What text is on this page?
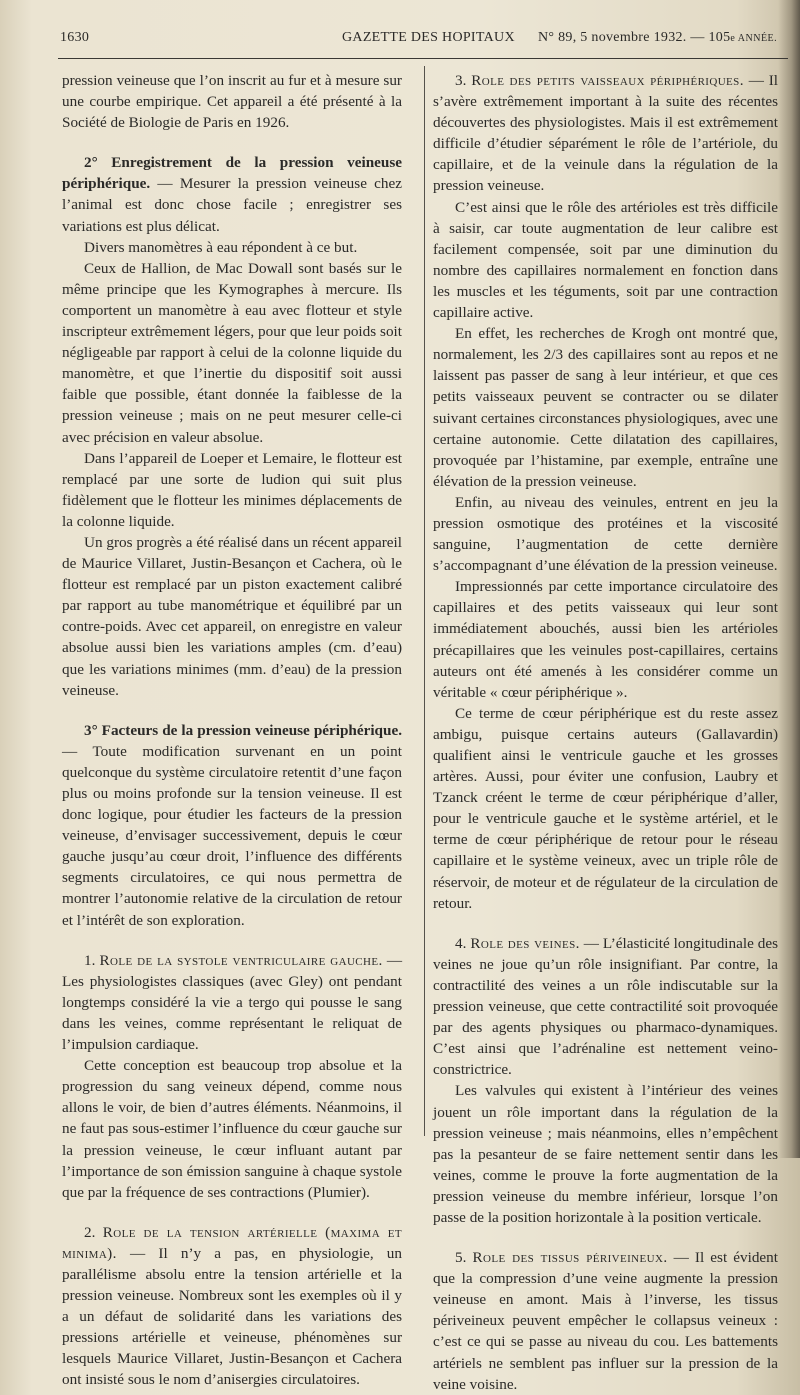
1630	GAZETTE DES HOPITAUX N° 89, 5 novembre 1932. — 105e ANNÉE.

pression veineuse que l’on inscrit au fur et à mesure sur une courbe empirique. Cet appareil a été présenté à la Société de Biologie de Paris en 1926.

2° Enregistrement de la pression veineuse périphérique. — Mesurer la pression veineuse chez l’animal est donc chose facile ; enregistrer ses variations est plus délicat.

Divers manomètres à eau répondent à ce but.

Ceux de Hallion, de Mac Dowall sont basés sur le même principe que les Kymographes à mercure. Ils comportent un manomètre à eau avec flotteur et style inscripteur extrêmement légers, pour que leur poids soit négligeable par rapport à celui de la colonne liquide du manomètre, et que l’inertie du dispositif soit aussi faible que possible, étant donnée la faiblesse de la pression veineuse ; mais on ne peut mesurer celle-ci avec précision en valeur absolue.

Dans l’appareil de Loeper et Lemaire, le flotteur est remplacé par une sorte de ludion qui suit plus fidèlement que le flotteur les minimes déplacements de la colonne liquide.

Un gros progrès a été réalisé dans un récent appareil de Maurice Villaret, Justin-Besançon et Cachera, où le flotteur est remplacé par un piston exactement calibré par rapport au tube manométrique et équilibré par un contre-poids. Avec cet appareil, on enregistre en valeur absolue aussi bien les variations amples (cm. d’eau) que les variations minimes (mm. d’eau) de la pression veineuse.

3° Facteurs de la pression veineuse périphérique. — Toute modification survenant en un point quelconque du système circulatoire retentit d’une façon plus ou moins profonde sur la tension veineuse. Il est donc logique, pour étudier les facteurs de la pression veineuse, d’envisager successivement, depuis le cœur gauche jusqu’au cœur droit, l’influence des différents segments circulatoires, ce qui nous permettra de montrer l’autonomie relative de la circulation de retour et l’intérêt de son exploration.

1. Role de la systole ventriculaire gauche. — Les physiologistes classiques (avec Gley) ont pendant longtemps considéré la vie a tergo qui pousse le sang dans les veines, comme représentant le reliquat de l’impulsion cardiaque.

Cette conception est beaucoup trop absolue et la progression du sang veineux dépend, comme nous allons le voir, de bien d’autres éléments. Néanmoins, il ne faut pas sous-estimer l’influence du cœur gauche sur la pression veineuse, le cœur influant autant par l’importance de son émission sanguine à chaque systole que par la fréquence de ses contractions (Plumier).

2. Role de la tension artérielle (maxima et minima). — Il n’y a pas, en physiologie, un parallélisme absolu entre la tension artérielle et la pression veineuse. Nombreux sont les exemples où il y a un défaut de solidarité dans les variations des pressions artérielle et veineuse, phénomènes sur lesquels Maurice Villaret, Justin-Besançon et Cachera ont insisté sous le nom d’anisergies circulatoires.

3. Role des petits vaisseaux périphériques. — Il s’avère extrêmement important à la suite des récentes découvertes des physiologistes. Mais il est extrêmement difficile d’étudier séparément le rôle de l’artériole, du capillaire, et de la veinule dans la régulation de la pression veineuse.

C’est ainsi que le rôle des artérioles est très difficile à saisir, car toute augmentation de leur calibre est facilement compensée, soit par une diminution du nombre des capillaires normalement en fonction dans les muscles et les téguments, soit par une contraction capillaire active.

En effet, les recherches de Krogh ont montré que, normalement, les 2/3 des capillaires sont au repos et ne laissent pas passer de sang à leur intérieur, et que ces petits vaisseaux peuvent se contracter ou se dilater suivant certaines circonstances physiologiques, avec une certaine autonomie. Cette dilatation des capillaires, provoquée par l’histamine, par exemple, entraîne une élévation de la pression veineuse.

Enfin, au niveau des veinules, entrent en jeu la pression osmotique des protéines et la viscosité sanguine, l’augmentation de cette dernière s’accompagnant d’une élévation de la pression veineuse.

Impressionnés par cette importance circulatoire des capillaires et des petits vaisseaux qui leur sont immédiatement abouchés, aussi bien les artérioles précapillaires que les veinules post-capillaires, certains auteurs ont été amenés à les considérer comme un véritable « cœur périphérique ».

Ce terme de cœur périphérique est du reste assez ambigu, puisque certains auteurs (Gallavardin) qualifient ainsi le ventricule gauche et les grosses artères. Aussi, pour éviter une confusion, Laubry et Tzanck créent le terme de cœur périphérique d’aller, pour le ventricule gauche et le système artériel, et le terme de cœur périphérique de retour pour le réseau capillaire et le système veineux, avec un triple rôle de réservoir, de moteur et de régulateur de la circulation de retour.

4. Role des veines. — L’élasticité longitudinale des veines ne joue qu’un rôle insignifiant. Par contre, la contractilité des veines a un rôle indiscutable sur la pression veineuse, que cette contractilité soit provoquée par des agents physiques ou pharmaco-dynamiques. C’est ainsi que l’adrénaline est nettement veino-constrictrice.

Les valvules qui existent à l’intérieur des veines jouent un rôle important dans la régulation de la pression veineuse ; mais néanmoins, elles n’empêchent pas la pesanteur de se faire nettement sentir dans les veines, comme le prouve la forte augmentation de la pression veineuse du membre inférieur, lorsque l’on passe de la position horizontale à la position verticale.

5. Role des tissus périveineux. — Il est évident que la compression d’une veine augmente la pression veineuse en amont. Mais à l’inverse, les tissus périveineux peuvent empêcher le collapsus veineux : c’est ce qui se passe au niveau du cou. Les battements artériels ne semblent pas influer sur la pression de la veine voisine.
